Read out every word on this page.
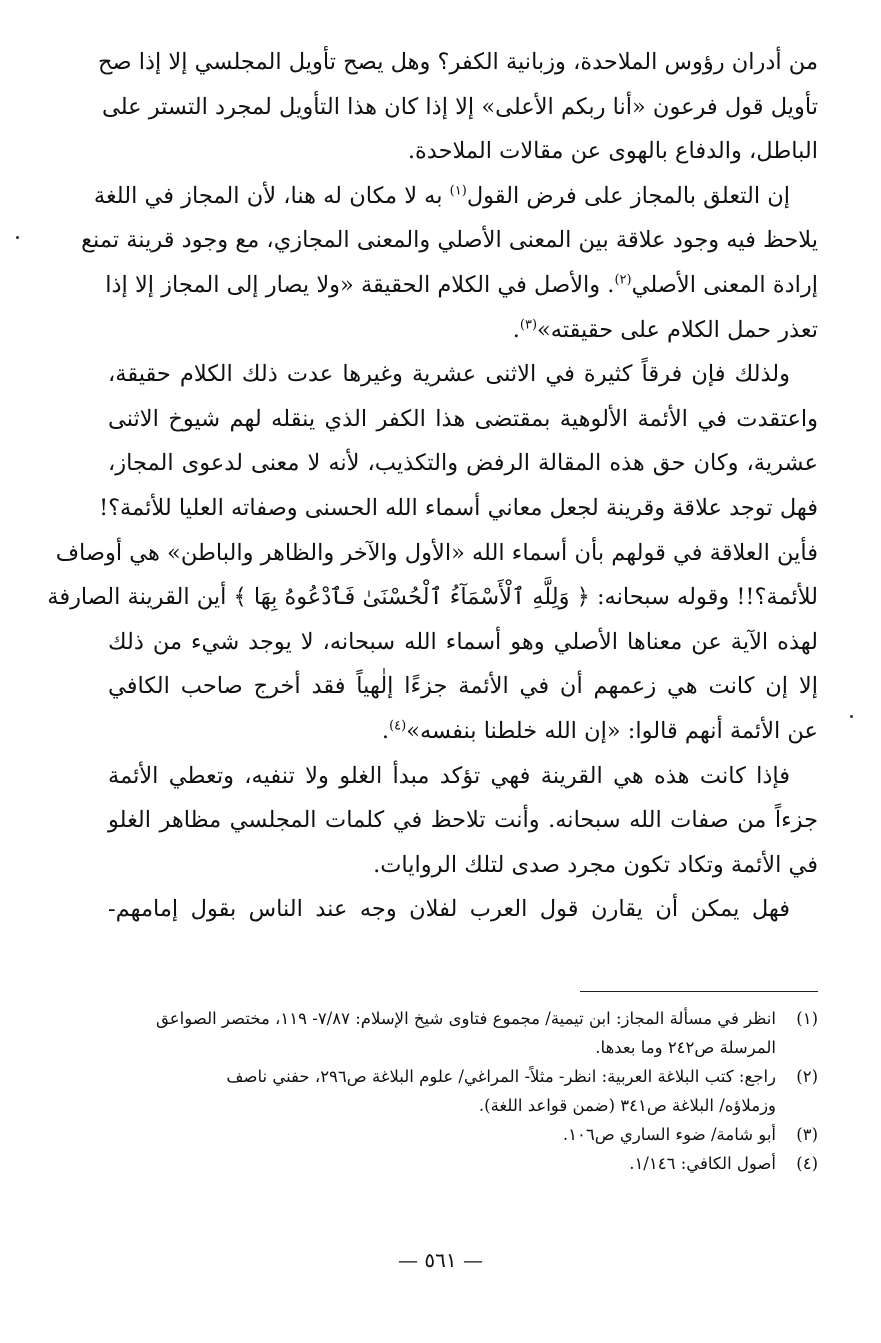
من أدران رؤوس الملاحدة، وزبانية الكفر؟ وهل يصح تأويل المجلسي إلا إذا صح
تأويل قول فرعون «أنا ربكم الأعلى» إلا إذا كان هذا التأويل لمجرد التستر على
الباطل، والدفاع بالهوى عن مقالات الملاحدة.

إن التعلق بالمجاز على فرض القول$^{(١)}$ به لا مكان له هنا، لأن المجاز في اللغة
يلاحظ فيه وجود علاقة بين المعنى الأصلي والمعنى المجازي، مع وجود قرينة تمنع
إرادة المعنى الأصلي$^{(٢)}$. والأصل في الكلام الحقيقة «ولا يصار إلى المجاز إلا إذا
تعذر حمل الكلام على حقيقته»$^{(٣)}$.

ولذلك فإن فرقاً كثيرة في الاثنى عشرية وغيرها عدت ذلك الكلام حقيقة،
واعتقدت في الأئمة الألوهية بمقتضى هذا الكفر الذي ينقله لهم شيوخ الاثنى
عشرية، وكان حق هذه المقالة الرفض والتكذيب، لأنه لا معنى لدعوى المجاز،
فهل توجد علاقة وقرينة لجعل معاني أسماء الله الحسنى وصفاته العليا للأئمة؟!
فأين العلاقة في قولهم بأن أسماء الله «الأول والآخر والظاهر والباطن» هي أوصاف
للأئمة؟!! وقوله سبحانه: ﴿ وَلِلَّهِ ٱلْأَسْمَآءُ ٱلْحُسْنَىٰ فَٱدْعُوهُ بِهَا ﴾ أين القرينة الصارفة
لهذه الآية عن معناها الأصلي وهو أسماء الله سبحانه، لا يوجد شيء من ذلك
إلا إن كانت هي زعمهم أن في الأئمة جزءًا إلٰهياً فقد أخرج صاحب الكافي
عن الأئمة أنهم قالوا: «إن الله خلطنا بنفسه»$^{(٤)}$.

فإذا كانت هذه هي القرينة فهي تؤكد مبدأ الغلو ولا تنفيه، وتعطي الأئمة
جزءاً من صفات الله سبحانه. وأنت تلاحظ في كلمات المجلسي مظاهر الغلو
في الأئمة وتكاد تكون مجرد صدى لتلك الروايات.

فهل يمكن أن يقارن قول العرب لفلان وجه عند الناس بقول إمامهم-

(١)
انظر في مسألة المجاز: ابن تيمية/ مجموع فتاوى شيخ الإسلام: ٧/٨٧- ١١٩، مختصر الصواعق
المرسلة ص٢٤٢ وما بعدها.
(٢)
راجع: كتب البلاغة العربية: انظر- مثلاً- المراغي/ علوم البلاغة ص٢٩٦، حفني ناصف
وزملاؤه/ البلاغة ص٣٤١ (ضمن قواعد اللغة).
(٣)
أبو شامة/ ضوء الساري ص١٠٦.
(٤)
أصول الكافي: ١/١٤٦.
— ٥٦١ —
